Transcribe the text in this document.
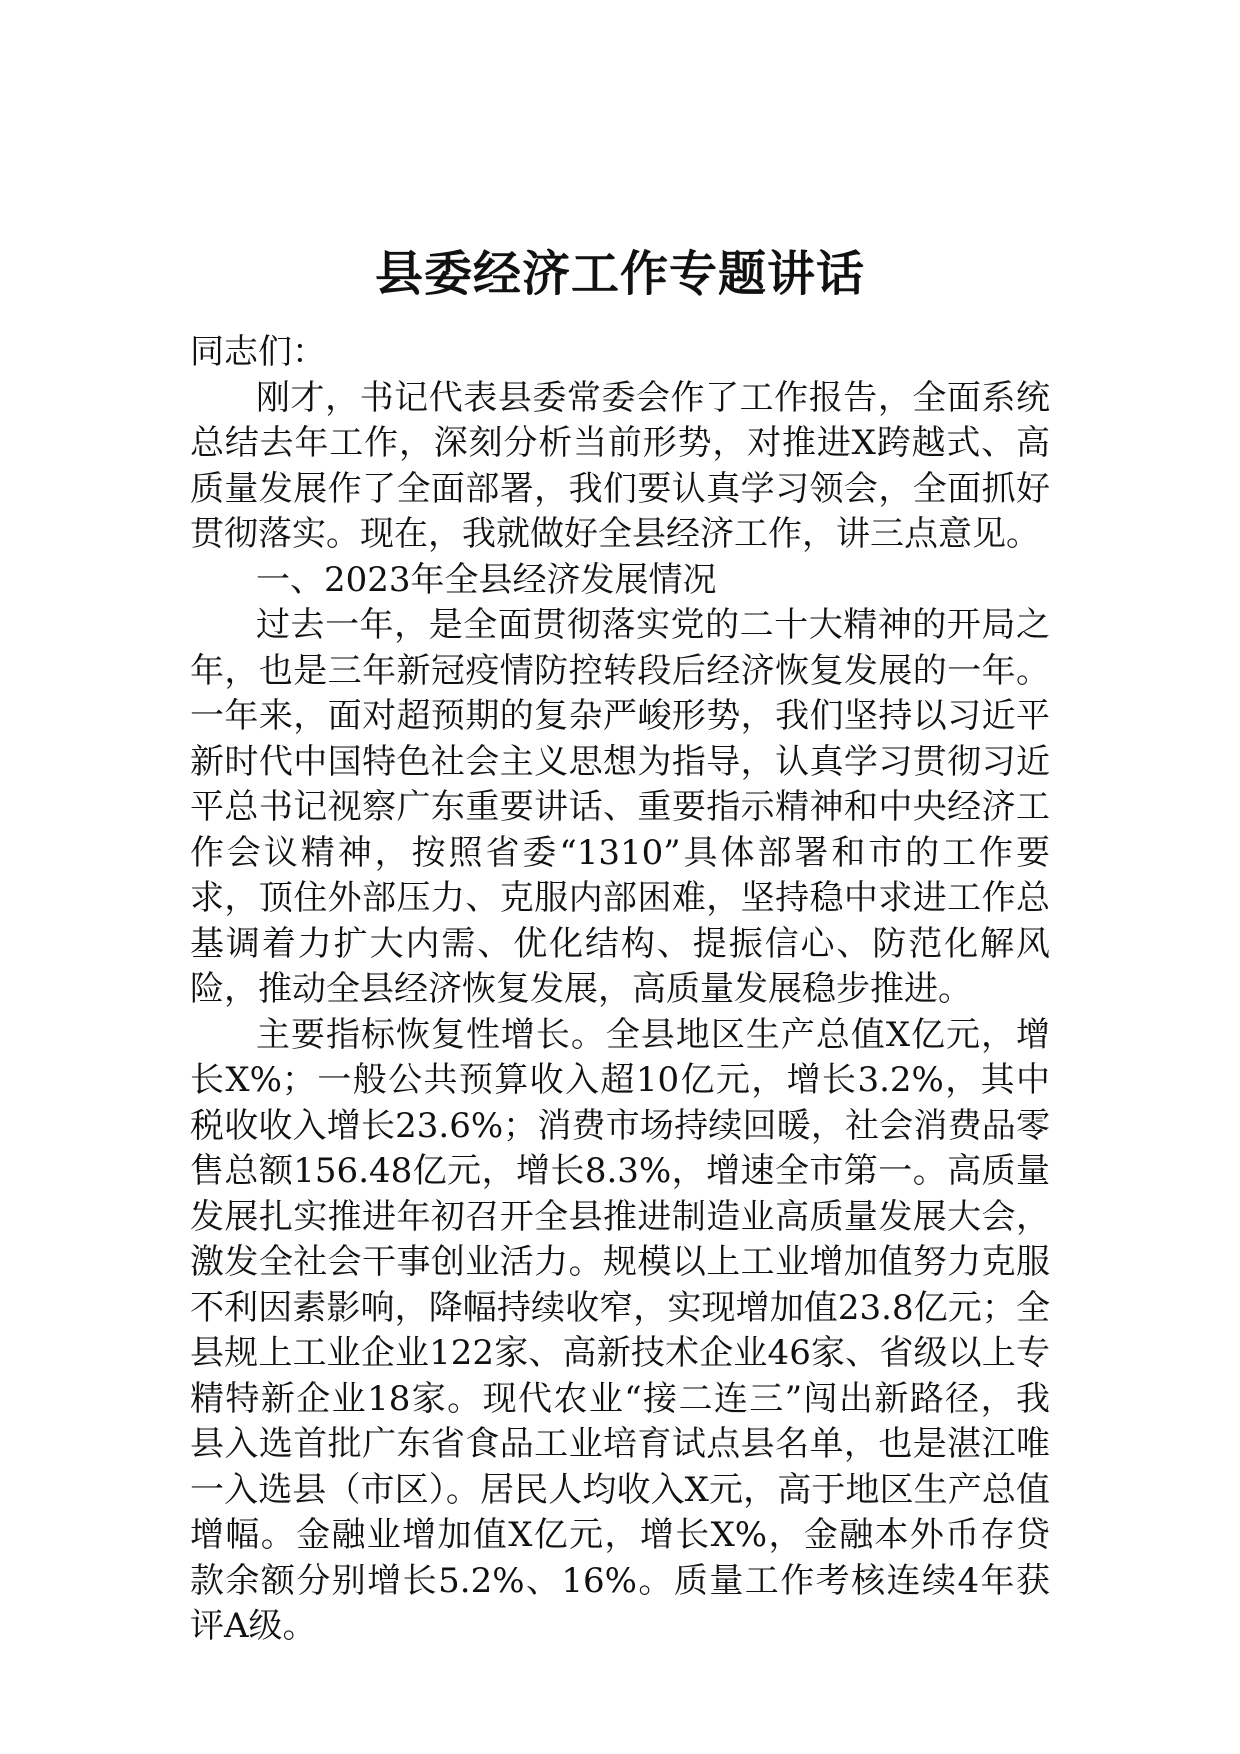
县委经济工作专题讲话

同志们：

刚才，书记代表县委常委会作了工作报告，全面系统总结去年工作，深刻分析当前形势，对推进X跨越式、高质量发展作了全面部署，我们要认真学习领会，全面抓好贯彻落实。现在，我就做好全县经济工作，讲三点意见。

一、2023年全县经济发展情况

过去一年，是全面贯彻落实党的二十大精神的开局之年，也是三年新冠疫情防控转段后经济恢复发展的一年。一年来，面对超预期的复杂严峻形势，我们坚持以习近平新时代中国特色社会主义思想为指导，认真学习贯彻习近平总书记视察广东重要讲话、重要指示精神和中央经济工作会议精神，按照省委“1310”具体部署和市的工作要求，顶住外部压力、克服内部困难，坚持稳中求进工作总基调着力扩大内需、优化结构、提振信心、防范化解风险，推动全县经济恢复发展，高质量发展稳步推进。

主要指标恢复性增长。全县地区生产总值X亿元，增长X%；一般公共预算收入超10亿元，增长3.2%，其中税收收入增长23.6%；消费市场持续回暖，社会消费品零售总额156.48亿元，增长8.3%，增速全市第一。高质量发展扎实推进年初召开全县推进制造业高质量发展大会，激发全社会干事创业活力。规模以上工业增加值努力克服不利因素影响，降幅持续收窄，实现增加值23.8亿元；全县规上工业企业122家、高新技术企业46家、省级以上专精特新企业18家。现代农业“接二连三”闯出新路径，我县入选首批广东省食品工业培育试点县名单，也是湛江唯一入选县（市区）。居民人均收入X元，高于地区生产总值增幅。金融业增加值X亿元，增长X%，金融本外币存贷款余额分别增长5.2%、16%。质量工作考核连续4年获评A级。
